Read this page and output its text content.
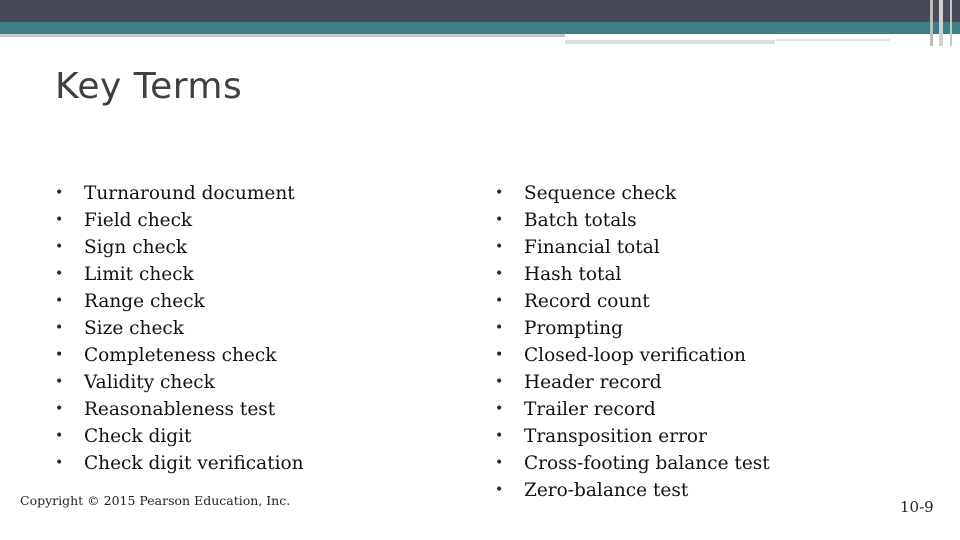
Key Terms
• Turnaround document
• Field check
• Sign check
• Limit check
• Range check
• Size check
• Completeness check
• Validity check
• Reasonableness test
• Check digit
• Check digit verification
• Sequence check
• Batch totals
• Financial total
• Hash total
• Record count
• Prompting
• Closed-loop verification
• Header record
• Trailer record
• Transposition error
• Cross-footing balance test
• Zero-balance test
Copyright © 2015 Pearson Education, Inc.	10-9
